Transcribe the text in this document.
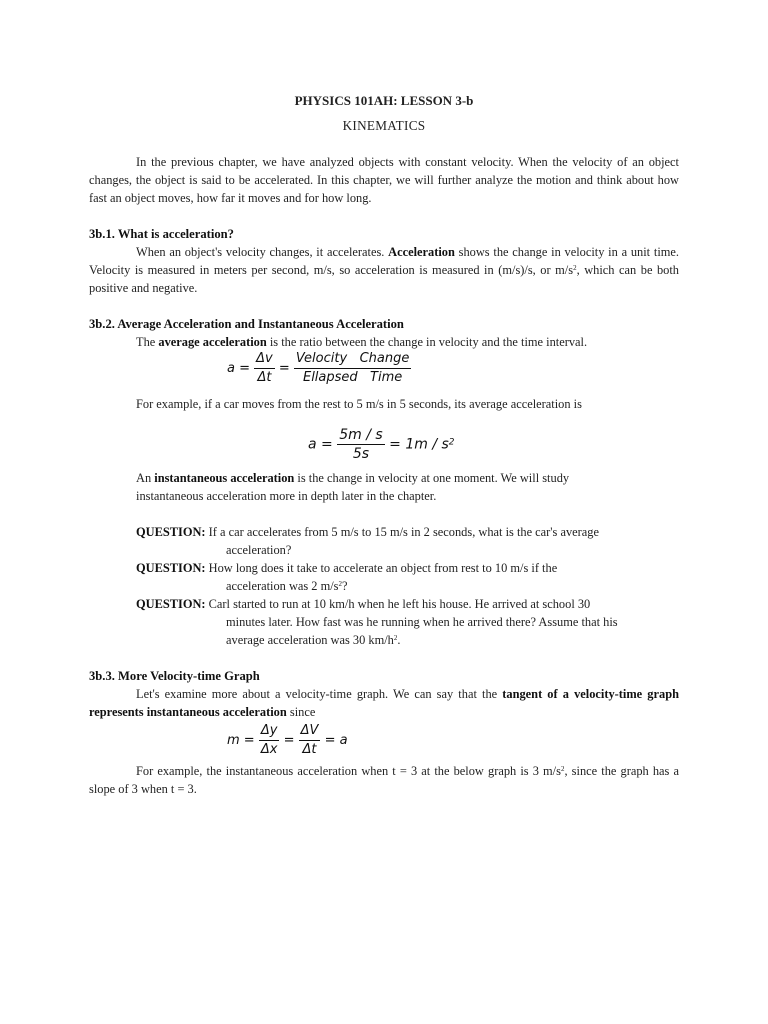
PHYSICS 101AH: LESSON 3-b
KINEMATICS
In the previous chapter, we have analyzed objects with constant velocity. When the velocity of an object changes, the object is said to be accelerated. In this chapter, we will further analyze the motion and think about how fast an object moves, how far it moves and for how long.
3b.1. What is acceleration?
When an object's velocity changes, it accelerates. Acceleration shows the change in velocity in a unit time. Velocity is measured in meters per second, m/s, so acceleration is measured in (m/s)/s, or $m/s^2$, which can be both positive and negative.
3b.2. Average Acceleration and Instantaneous Acceleration
The average acceleration is the ratio between the change in velocity and the time interval.
$a = \frac{\Delta v}{\Delta t} = \frac{\text{Velocity   Change}}{\text{Ellapsed   Time}}$
For example, if a car moves from the rest to 5 m/s in 5 seconds, its average acceleration is
$a = \frac{5m / s}{5s} = 1m / s^2$
An instantaneous acceleration is the change in velocity at one moment. We will study
instantaneous acceleration more in depth later in the chapter.
QUESTION: If a car accelerates from 5 m/s to 15 m/s in 2 seconds, what is the car's average
acceleration?
QUESTION: How long does it take to accelerate an object from rest to 10 m/s if the
acceleration was 2 $m/s^2$?
QUESTION: Carl started to run at 10 km/h when he left his house. He arrived at school 30
minutes later. How fast was he running when he arrived there? Assume that his
average acceleration was 30 $km/h^2$.
3b.3. More Velocity-time Graph
Let's examine more about a velocity-time graph. We can say that the tangent of a velocity-time graph represents instantaneous acceleration since
$m = \frac{\Delta y}{\Delta x} = \frac{\Delta V}{\Delta t} = a$
For example, the instantaneous acceleration when t = 3 at the below graph is 3 $m/s^2$, since the graph has a slope of 3 when t = 3.
